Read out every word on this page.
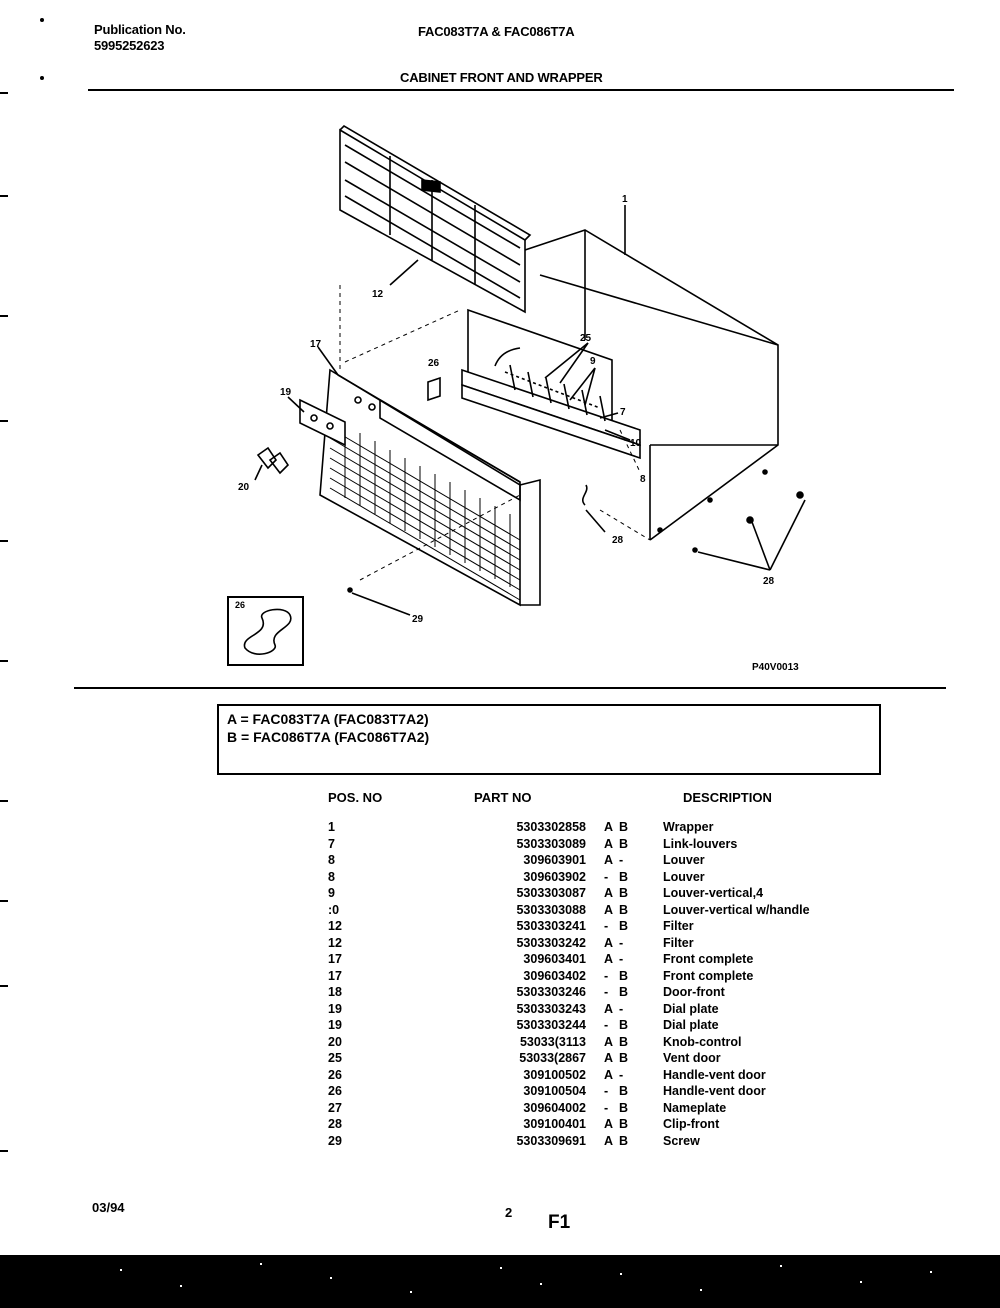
Publication No.
5995252623
FAC083T7A & FAC086T7A
CABINET FRONT AND WRAPPER
1
12
17
19
20
25
26	9
7
10
8
28
29
28
26
P40V0013
A = FAC083T7A (FAC083T7A2)
B = FAC086T7A (FAC086T7A2)
POS. NO	PART NO			DESCRIPTION
1	5303302858	A	B	Wrapper
7	5303303089	A	B	Link-louvers
8	309603901	A	-	Louver
8	309603902	-	B	Louver
9	5303303087	A	B	Louver-vertical,4
:0	5303303088	A	B	Louver-vertical w/handle
12	5303303241	-	B	Filter
12	5303303242	A	-	Filter
17	309603401	A	-	Front complete
17	309603402	-	B	Front complete
18	5303303246	-	B	Door-front
19	5303303243	A	-	Dial plate
19	5303303244	-	B	Dial plate
20	53033(3113	A	B	Knob-control
25	53033(2867	A	B	Vent door
26	309100502	A	-	Handle-vent door
26	309100504	-	B	Handle-vent door
27	309604002	-	B	Nameplate
28	309100401	A	B	Clip-front
29	5303309691	A	B	Screw
03/94	2 F1
